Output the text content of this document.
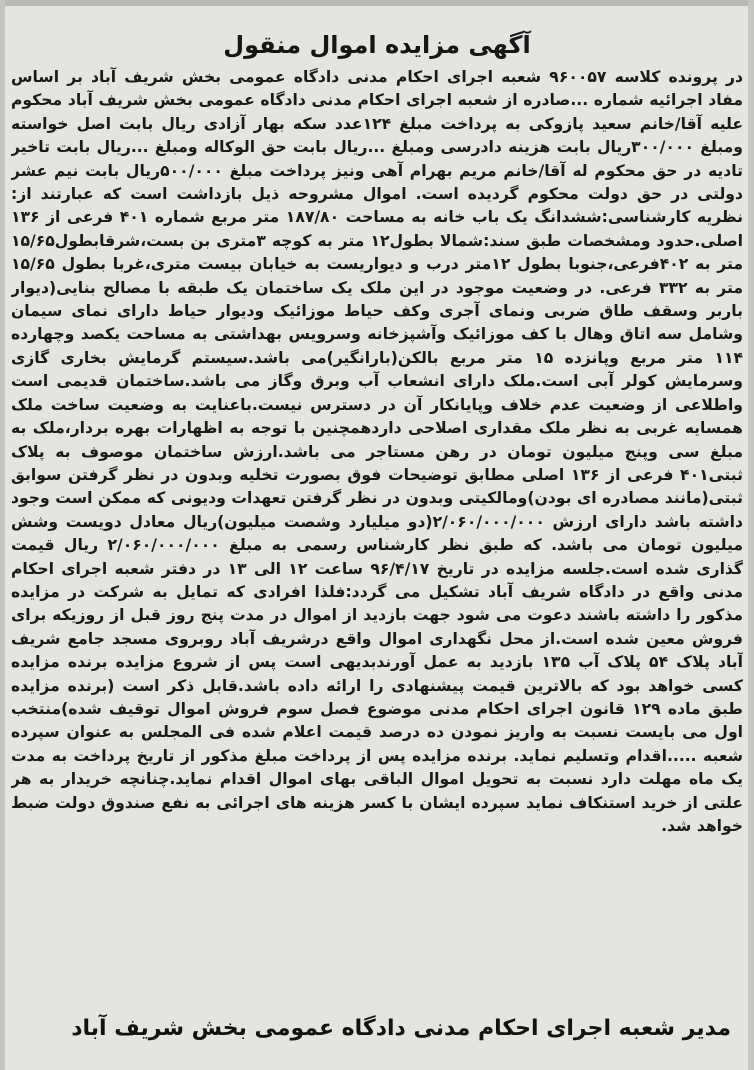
آگهی مزایده اموال منقول
در پرونده کلاسه ۹۶۰۰۵۷ شعبه اجرای احکام مدنی دادگاه عمومی بخش شریف آباد بر اساس مفاد اجرائیه شماره ...صادره از شعبه اجرای احکام مدنی دادگاه عمومی بخش شریف آباد محکوم علیه آقا/خانم سعید پازوکی به پرداخت مبلغ ۱۲۴عدد سکه بهار آزادی ریال بابت اصل خواسته ومبلغ ۳۰۰/۰۰۰ریال بابت هزینه دادرسی ومبلغ ...ریال بابت حق الوکاله ومبلغ ...ریال بابت تاخیر تادیه در حق محکوم له آقا/خانم مریم بهرام آهی ونیز پرداخت مبلغ ۵۰۰/۰۰۰ریال بابت نیم عشر دولتی در حق دولت محکوم گردیده است. اموال مشروحه ذیل بازداشت است که عبارتند از: نظریه کارشناسی:ششدانگ یک باب خانه به مساحت ۱۸۷/۸۰ متر مربع شماره ۴۰۱ فرعی از ۱۳۶ اصلی.حدود ومشخصات طبق سند:شمالا بطول۱۲ متر به کوچه ۳متری بن بست،شرقابطول۱۵/۶۵ متر به ۴۰۲فرعی،جنوبا بطول ۱۲متر درب و دیواریست به خیابان بیست متری،غربا بطول ۱۵/۶۵ متر به ۳۳۲ فرعی. در وضعیت موجود در این ملک یک ساختمان یک طبقه با مصالح بنایی(دیوار باربر وسقف طاق ضربی ونمای آجری وکف حیاط موزائیک ودیوار حیاط دارای نمای سیمان وشامل سه اتاق وهال با کف موزائیک وآشپزخانه وسرویس بهداشتی به مساحت یکصد وچهارده ۱۱۴ متر مربع وپانزده ۱۵ متر مربع بالکن(بارانگیر)می باشد.سیستم گرمایش بخاری گازی وسرمایش کولر آبی است.ملک دارای انشعاب آب وبرق وگاز می باشد.ساختمان قدیمی است واطلاعی از وضعیت عدم خلاف وپایانکار آن در دسترس نیست.باعنایت به وضعیت ساخت ملک همسایه غربی به نظر ملک مقداری اصلاحی داردهمچنین با توجه به اظهارات بهره بردار،ملک به مبلغ سی وپنج میلیون تومان در رهن مستاجر می باشد.ارزش ساختمان موصوف به پلاک ثبتی۴۰۱ فرعی از ۱۳۶ اصلی مطابق توضیحات فوق بصورت تخلیه وبدون در نظر گرفتن سوابق ثبتی(مانند مصادره ای بودن)ومالکیتی وبدون در نظر گرفتن تعهدات ودیونی که ممکن است وجود داشته باشد دارای ارزش ۲/۰۶۰/۰۰۰/۰۰۰(دو میلیارد وشصت میلیون)ریال معادل دویست وشش میلیون تومان می باشد. که طبق نظر کارشناس رسمی به مبلغ ۲/۰۶۰/۰۰۰/۰۰۰ ریال قیمت گذاری شده است.جلسه مزایده در تاریخ ۹۶/۴/۱۷ ساعت ۱۲ الی ۱۳ در دفتر شعبه اجرای احکام مدنی واقع در دادگاه شریف آباد تشکیل می گردد:فلذا افرادی که تمایل به شرکت در مزایده مذکور را داشته باشند دعوت می شود جهت بازدید از اموال در مدت پنج روز قبل از روزیکه برای فروش معین شده است.از محل نگهداری اموال واقع درشریف آباد روبروی مسجد جامع شریف آباد پلاک ۵۴ پلاک آب ۱۳۵ بازدید به عمل آورندبدیهی است پس از شروع مزایده برنده مزایده کسی خواهد بود که بالاترین قیمت پیشنهادی را ارائه داده باشد.قابل ذکر است (برنده مزایده طبق ماده ۱۲۹ قانون اجرای احکام مدنی موضوع فصل سوم فروش اموال توقیف شده)منتخب اول می بایست نسبت به واریز نمودن ده درصد قیمت اعلام شده فی المجلس به عنوان سپرده شعبه .....اقدام وتسلیم نماید. برنده مزایده پس از پرداخت مبلغ مذکور از تاریخ پرداخت به مدت یک ماه مهلت دارد نسبت به تحویل اموال الباقی بهای اموال اقدام نماید.چنانچه خریدار به هر علتی از خرید استنکاف نماید سپرده ایشان با کسر هزینه های اجرائی به نفع صندوق دولت ضبط خواهد شد.
مدیر شعبه اجرای احکام مدنی دادگاه عمومی بخش شریف آباد
